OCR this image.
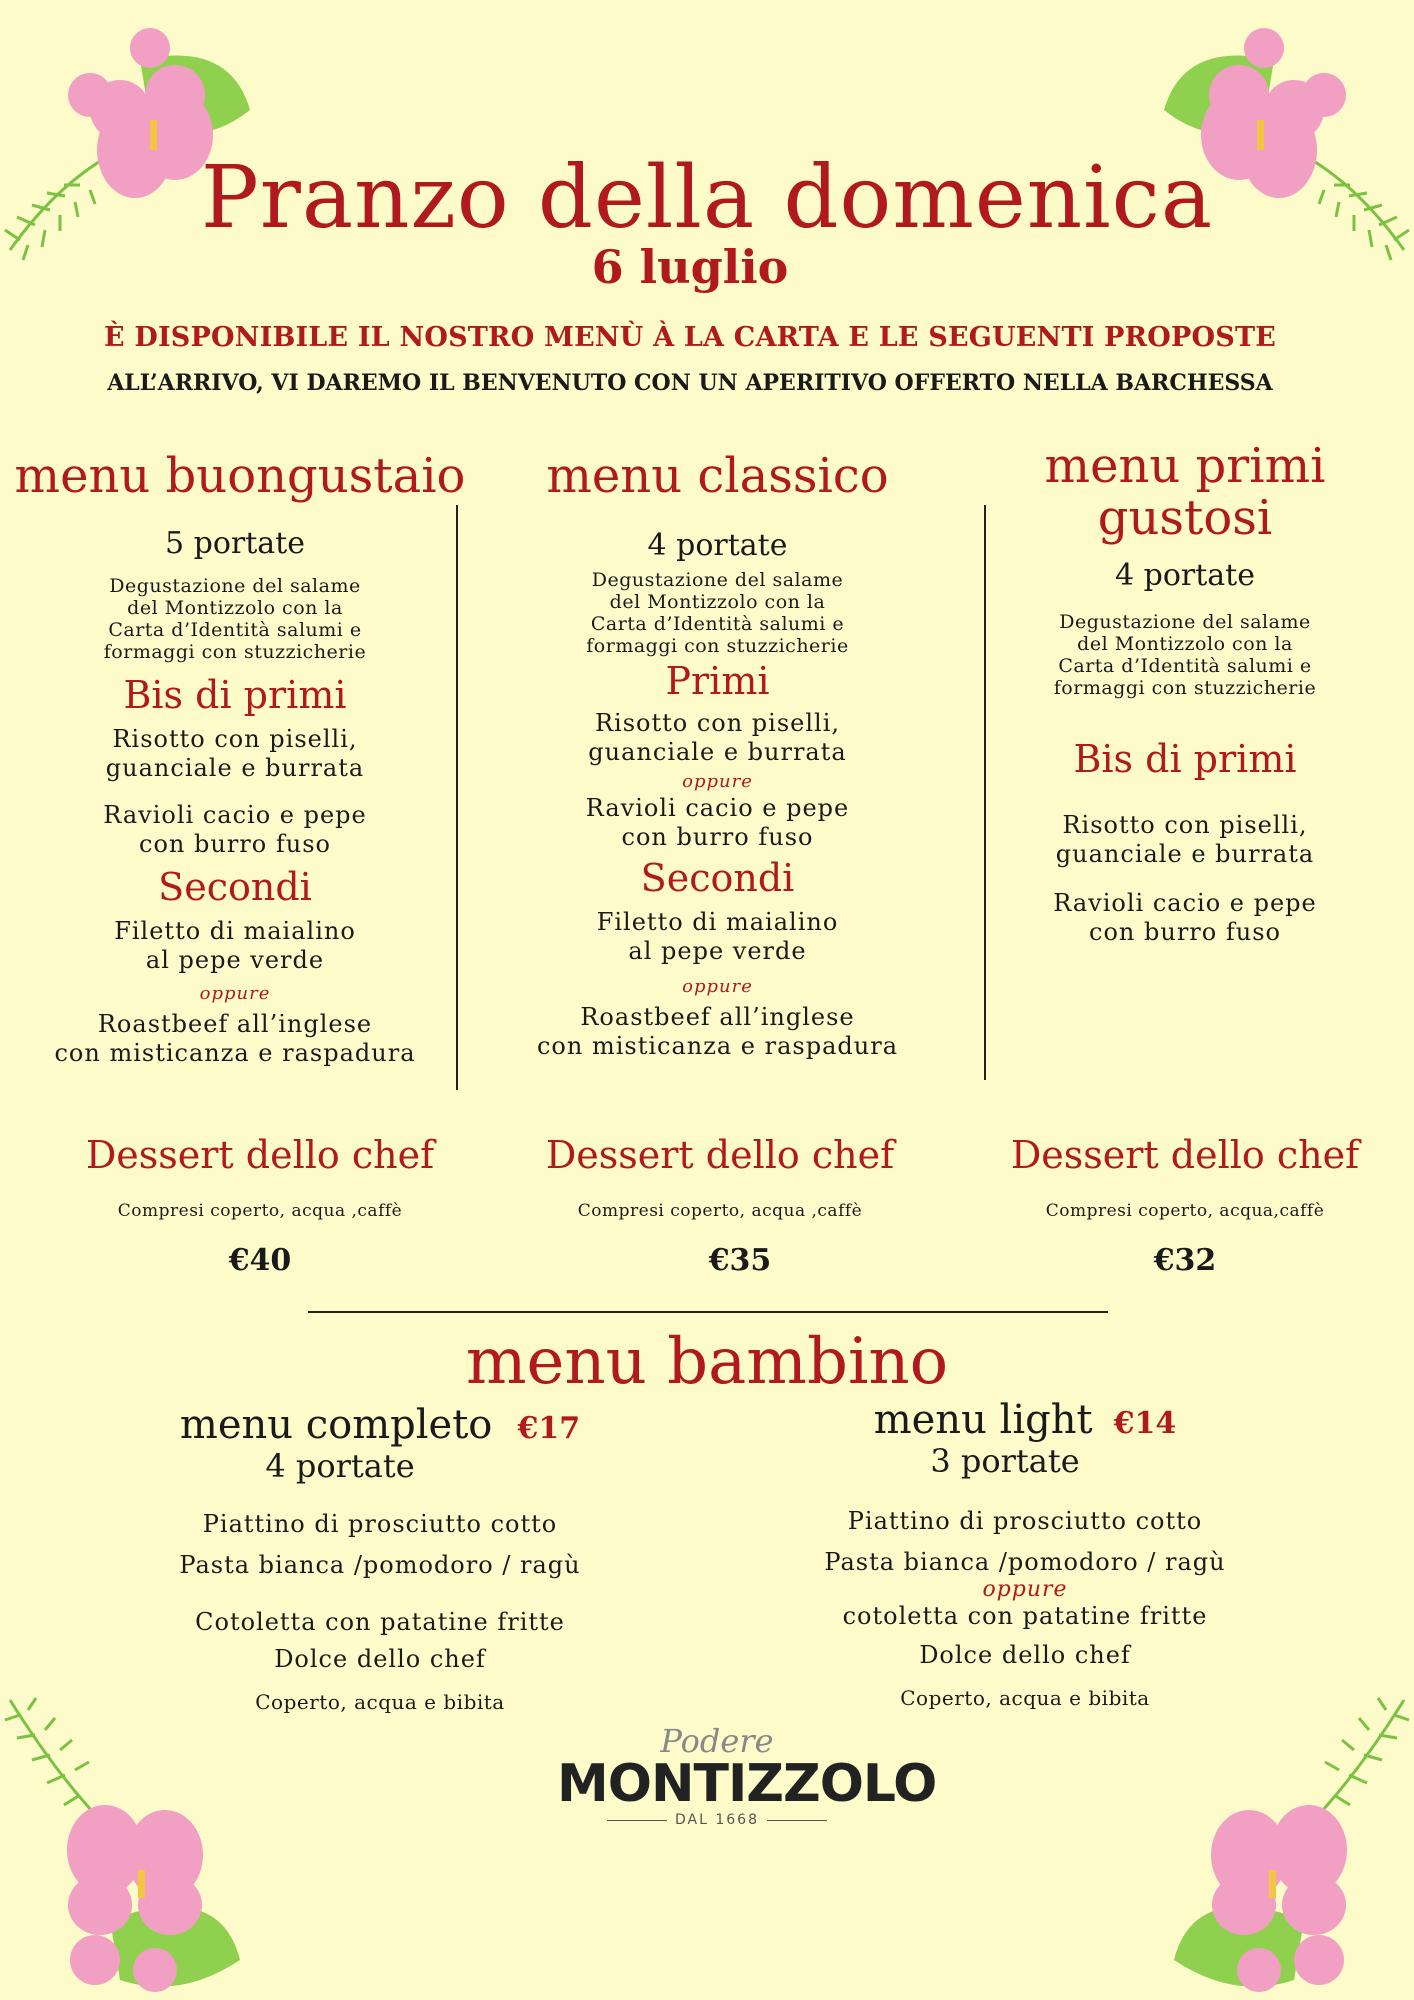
Pranzo della domenica
6 luglio
È DISPONIBILE IL NOSTRO MENÙ À LA CARTA E LE SEGUENTI PROPOSTE
ALL’ARRIVO, VI DAREMO IL BENVENUTO CON UN APERITIVO OFFERTO NELLA BARCHESSA
menu buongustaio
5 portate
Degustazione del salame
del Montizzolo con la
Carta d’Identità salumi e
formaggi con stuzzicherie
Bis di primi
Risotto con piselli,
guanciale e burrata
Ravioli cacio e pepe
con burro fuso
Secondi
Filetto di maialino
al pepe verde
oppure
Roastbeef all’inglese
con misticanza e raspadura
menu classico
4 portate
Degustazione del salame
del Montizzolo con la
Carta d’Identità salumi e
formaggi con stuzzicherie
Primi
Risotto con piselli,
guanciale e burrata
oppure
Ravioli cacio e pepe
con burro fuso
Secondi
Filetto di maialino
al pepe verde
oppure
Roastbeef all’inglese
con misticanza e raspadura
menu primi
gustosi
4 portate
Degustazione del salame
del Montizzolo con la
Carta d’Identità salumi e
formaggi con stuzzicherie
Bis di primi
Risotto con piselli,
guanciale e burrata
Ravioli cacio e pepe
con burro fuso
Dessert dello chef
Compresi coperto, acqua ,caffè
€40
Dessert dello chef
Compresi coperto, acqua ,caffè
€35
Dessert dello chef
Compresi coperto, acqua,caffè
€32
menu bambino
menu completo €17
4 portate
Piattino di prosciutto cotto
Pasta bianca /pomodoro / ragù
Cotoletta con patatine fritte
Dolce dello chef
Coperto, acqua e bibita
menu light €14
3 portate
Piattino di prosciutto cotto
Pasta bianca /pomodoro / ragù
oppure
cotoletta con patatine fritte
Dolce dello chef
Coperto, acqua e bibita
Podere
MONTIZZOLO
DAL 1668
